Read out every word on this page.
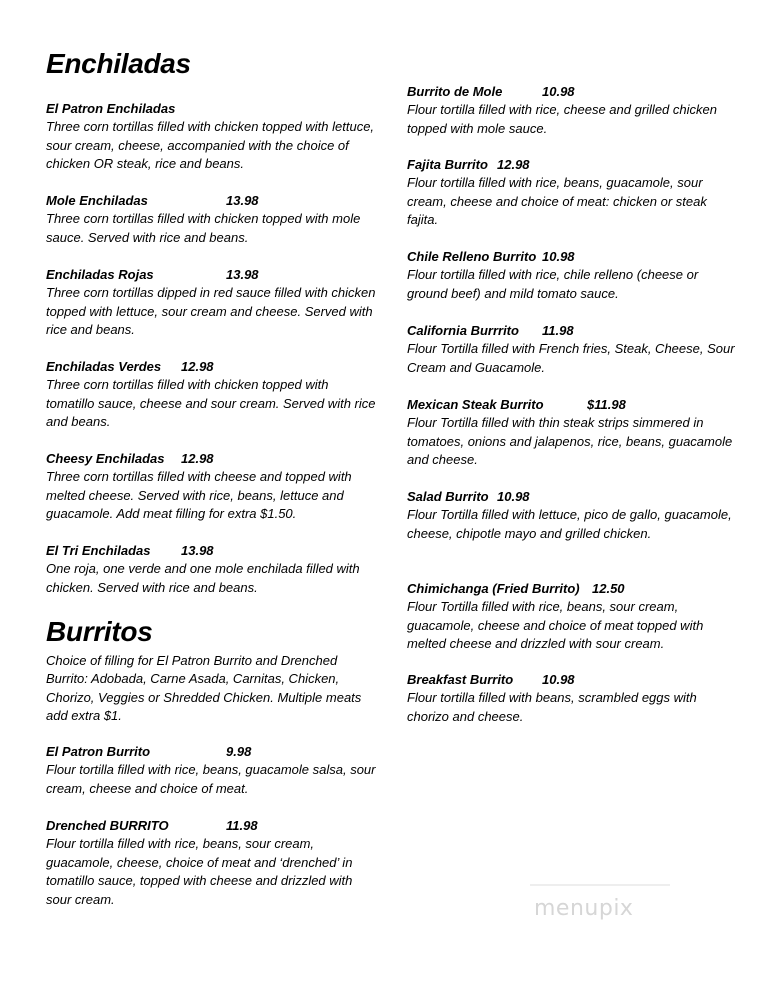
Enchiladas
El Patron Enchiladas

Three corn tortillas filled with chicken topped with lettuce, sour cream, cheese, accompanied with the choice of chicken OR steak, rice and beans.

Mole Enchiladas	13.98

Three corn tortillas filled with chicken topped with mole sauce. Served with rice and beans.

Enchiladas Rojas	13.98

Three corn tortillas dipped in red sauce filled with chicken topped with lettuce, sour cream and cheese. Served with rice and beans.

Enchiladas Verdes 12.98

Three corn tortillas filled with chicken topped with tomatillo sauce, cheese and sour cream. Served with rice and beans.

Cheesy Enchiladas 12.98

Three corn tortillas filled with cheese and topped with melted cheese. Served with rice, beans, lettuce and guacamole. Add meat filling for extra $1.50.

El Tri Enchiladas 13.98

One roja, one verde and one mole enchilada filled with chicken. Served with rice and beans.

Burritos

Choice of filling for El Patron Burrito and Drenched Burrito: Adobada, Carne Asada, Carnitas, Chicken, Chorizo, Veggies or Shredded Chicken. Multiple meats add extra $1.

El Patron Burrito	9.98

Flour tortilla filled with rice, beans, guacamole salsa, sour cream, cheese and choice of meat.

Drenched BURRITO	11.98

Flour tortilla filled with rice, beans, sour cream, guacamole, cheese, choice of meat and ‘drenched’ in tomatillo sauce, topped with cheese and drizzled with sour cream.

Burrito de Mole	10.98

Flour tortilla filled with rice, cheese and grilled chicken topped with mole sauce.

Fajita Burrito 12.98

Flour tortilla filled with rice, beans, guacamole, sour cream, cheese and choice of meat: chicken or steak fajita.

Chile Relleno Burrito 10.98

Flour tortilla filled with rice, chile relleno (cheese or ground beef) and mild tomato sauce.

California Burrrito 11.98

Flour Tortilla filled with French fries, Steak, Cheese, Sour Cream and Guacamole.

Mexican Steak Burrito	$11.98

Flour Tortilla filled with thin steak strips simmered in tomatoes, onions and jalapenos, rice, beans, guacamole and cheese.

Salad Burrito 10.98

Flour Tortilla filled with lettuce, pico de gallo, guacamole, cheese, chipotle mayo and grilled chicken.

Chimichanga (Fried Burrito) 12.50

Flour Tortilla filled with rice, beans, sour cream, guacamole, cheese and choice of meat topped with melted cheese and drizzled with sour cream.

Breakfast Burrito 10.98

Flour tortilla filled with beans, scrambled eggs with chorizo and cheese.

menupix
